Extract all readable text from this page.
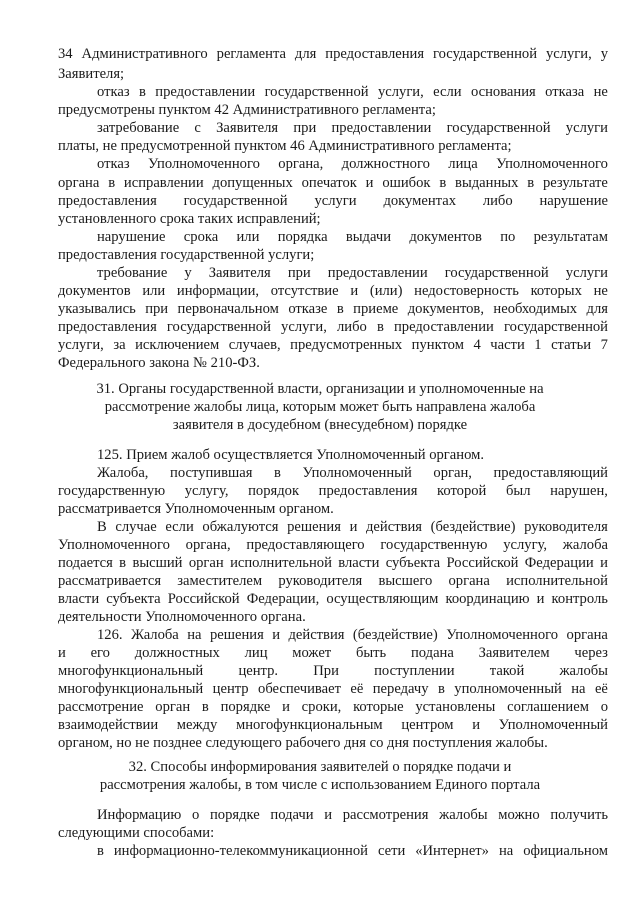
34 Административного регламента для предоставления государственной услуги, у
Заявителя;
отказ в предоставлении государственной услуги, если основания отказа не
предусмотрены пунктом 42 Административного регламента;
затребование с Заявителя при предоставлении государственной услуги
платы, не предусмотренной пунктом 46 Административного регламента;
отказ Уполномоченного органа, должностного лица Уполномоченного
органа в исправлении допущенных опечаток и ошибок в выданных в результате
предоставления государственной услуги документах либо нарушение
установленного срока таких исправлений;
нарушение срока или порядка выдачи документов по результатам
предоставления государственной услуги;
требование у Заявителя при предоставлении государственной услуги
документов или информации, отсутствие и (или) недостоверность которых не
указывались при первоначальном отказе в приеме документов, необходимых для
предоставления государственной услуги, либо в предоставлении государственной
услуги, за исключением случаев, предусмотренных пунктом 4 части 1 статьи 7
Федерального закона № 210-ФЗ.
31. Органы государственной власти, организации и уполномоченные на
рассмотрение жалобы лица, которым может быть направлена жалоба
заявителя в досудебном (внесудебном) порядке
125. Прием жалоб осуществляется Уполномоченный органом.
Жалоба, поступившая в Уполномоченный орган, предоставляющий
государственную услугу, порядок предоставления которой был нарушен,
рассматривается Уполномоченным органом.
В случае если обжалуются решения и действия (бездействие) руководителя
Уполномоченного органа, предоставляющего государственную услугу, жалоба
подается в высший орган исполнительной власти субъекта Российской Федерации и
рассматривается заместителем руководителя высшего органа исполнительной
власти субъекта Российской Федерации, осуществляющим координацию и контроль
деятельности Уполномоченного органа.
126. Жалоба на решения и действия (бездействие) Уполномоченного органа
и его должностных лиц может быть подана Заявителем через
многофункциональный центр. При поступлении такой жалобы
многофункциональный центр обеспечивает её передачу в уполномоченный на её
рассмотрение орган в порядке и сроки, которые установлены соглашением о
взаимодействии между многофункциональным центром и Уполномоченный
органом, но не позднее следующего рабочего дня со дня поступления жалобы.
32. Способы информирования заявителей о порядке подачи и
рассмотрения жалобы, в том числе с использованием Единого портала
Информацию о порядке подачи и рассмотрения жалобы можно получить
следующими способами:
в информационно-телекоммуникационной сети «Интернет» на официальном
